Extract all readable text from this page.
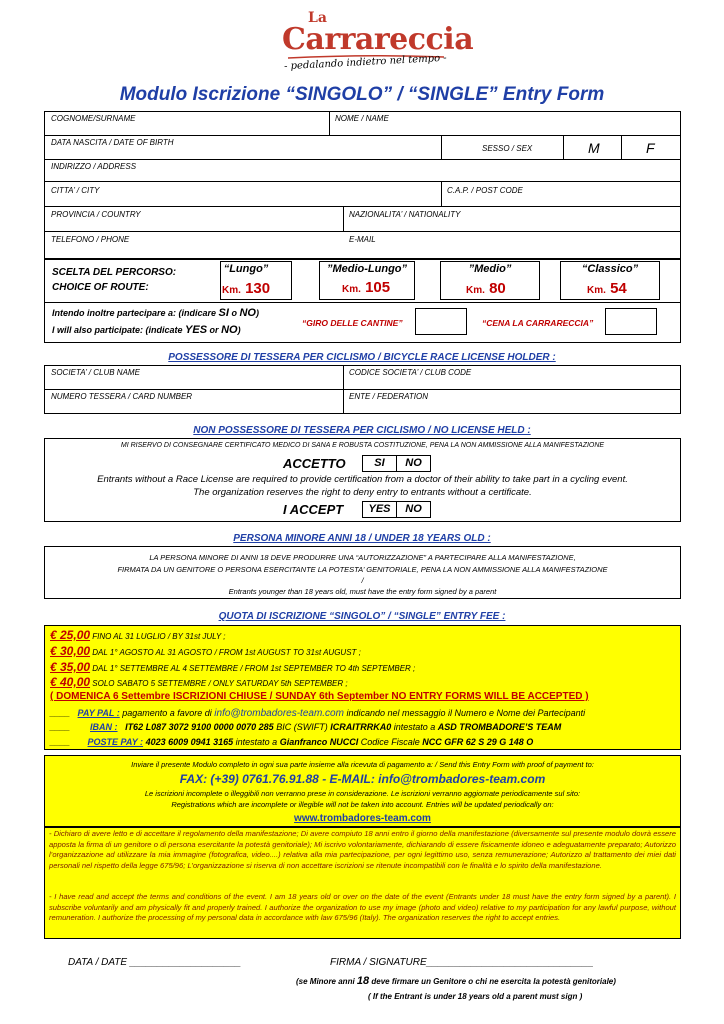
La
Carrareccia
- pedalando indietro nel tempo -
Modulo Iscrizione “SINGOLO” / “SINGLE” Entry Form
COGNOME/SURNAME	NOME / NAME
DATA NASCITA / DATE OF BIRTH
SESSO / SEX	M	F
INDIRIZZO / ADDRESS
CITTA’ / CITY	C.A.P. / POST CODE
PROVINCIA / COUNTRY	NAZIONALITA’ / NATIONALITY
TELEFONO / PHONE	E-MAIL
SCELTA DEL PERCORSO:
CHOICE OF ROUTE:
“Lungo”
Km. 130
”Medio-Lungo”
Km. 105
”Medio”
Km. 80
“Classico”
Km. 54
Intendo inoltre partecipare a: (indicare SI o NO)
I will also participate: (indicate YES or NO)
“GIRO DELLE CANTINE”	“CENA LA CARRARECCIA”
POSSESSORE DI TESSERA PER CICLISMO / BICYCLE RACE LICENSE HOLDER :
SOCIETA’ / CLUB NAME	CODICE SOCIETA’ / CLUB CODE
NUMERO TESSERA / CARD NUMBER	ENTE / FEDERATION
NON POSSESSORE DI TESSERA PER CICLISMO / NO LICENSE HELD :
MI RISERVO DI CONSEGNARE CERTIFICATO MEDICO DI SANA E ROBUSTA COSTITUZIONE, PENA LA NON AMMISSIONE ALLA MANIFESTAZIONE
ACCETTO	SI	NO
Entrants without a Race License are required to provide certification from a doctor of their ability to take part in a cycling event.
The organization reserves the right to deny entry to entrants without a certificate.
I ACCEPT	YES	NO
PERSONA MINORE ANNI 18 / UNDER 18 YEARS OLD :
LA PERSONA MINORE DI ANNI 18 DEVE PRODURRE UNA “AUTORIZZAZIONE” A PARTECIPARE ALLA MANIFESTAZIONE,
FIRMATA DA UN GENITORE O PERSONA ESERCITANTE LA POTESTA’ GENITORIALE, PENA LA NON AMMISSIONE ALLA MANIFESTAZIONE
/
Entrants younger than 18 years old, must have the entry form signed by a parent
QUOTA DI ISCRIZIONE “SINGOLO” / “SINGLE” ENTRY FEE :
€ 25,00 FINO AL 31 LUGLIO / BY 31st JULY ;
€ 30,00 DAL 1° AGOSTO AL 31 AGOSTO / FROM 1st AUGUST TO 31st AUGUST ;
€ 35,00 DAL 1° SETTEMBRE AL 4 SETTEMBRE / FROM 1st SEPTEMBER TO 4th SEPTEMBER ;
€ 40,00 SOLO SABATO 5 SETTEMBRE / ONLY SATURDAY 5th SEPTEMBER ;
( DOMENICA 6 Settembre ISCRIZIONI CHIUSE / SUNDAY 6th September NO ENTRY FORMS WILL BE ACCEPTED )
____ PAY PAL : pagamento a favore di info@trombadores-team.com indicando nel messaggio il Numero e Nome dei Partecipanti
____ IBAN : IT62 L087 3072 9100 0000 0070 285 BIC (SWIFT) ICRAITRRKA0 intestato a ASD TROMBADORE’S TEAM
____ POSTE PAY : 4023 6009 0941 3165 intestato a Gianfranco NUCCI Codice Fiscale NCC GFR 62 S 29 G 148 O
Inviare il presente Modulo completo in ogni sua parte insieme alla ricevuta di pagamento a: / Send this Entry Form with proof of payment to:
FAX: (+39) 0761.76.91.88 - E-MAIL: info@trombadores-team.com
Le iscrizioni incomplete o illeggibili non verranno prese in considerazione. Le iscrizioni verranno aggiornate periodicamente sul sito:
Registrations which are incomplete or illegible will not be taken into account. Entries will be updated periodically on:
www.trombadores-team.com
- Dichiaro di avere letto e di accettare il regolamento della manifestazione; Di avere compiuto 18 anni entro il giorno della manifestazione (diversamente sul presente modulo dovrà essere apposta la firma di un genitore o di persona esercitante la potestà genitoriale); Mi iscrivo volontariamente, dichiarando di essere fisicamente idoneo e adeguatamente preparato; Autorizzo l’organizzazione ad utilizzare la mia immagine (fotografica, video....) relativa alla mia partecipazione, per ogni legittimo uso, senza remunerazione; Autorizzo al trattamento dei miei dati personali nel rispetto della legge 675/96; L’organizzazione si riserva di non accettare iscrizioni se ritenute incompatibili con le finalità e lo spirito della manifestazione.
- I have read and accept the terms and conditions of the event. I am 18 years old or over on the date of the event (Entrants under 18 must have the entry form signed by a parent). I subscribe voluntarily and am physically fit and properly trained. I authorize the organization to use my image (photo and video) relative to my participation for any lawful purpose, without remuneration. I authorize the processing of my personal data in accordance with law 675/96 (Italy). The organization reserves the right to accept entries.
DATA / DATE ____________________	FIRMA / SIGNATURE______________________________
(se Minore anni 18 deve firmare un Genitore o chi ne esercita la potestà genitoriale)
( If the Entrant is under 18 years old a parent must sign )
